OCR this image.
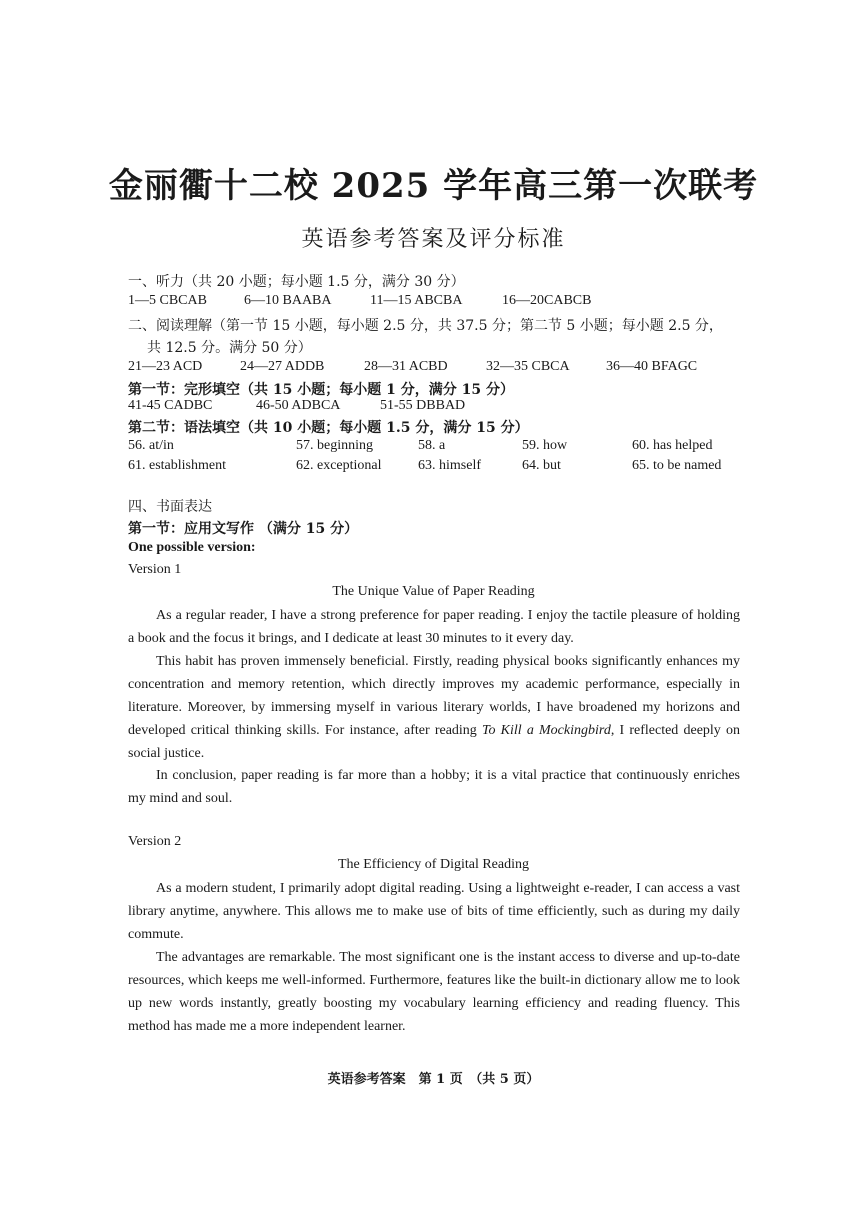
金丽衢十二校 2025 学年高三第一次联考
英语参考答案及评分标准
一、听力（共 20 小题；每小题 1.5 分，满分 30 分）
1—5 CBCAB	6—10 BAABA	11—15 ABCBA	16—20CABCB
二、阅读理解（第一节 15 小题，每小题 2.5 分，共 37.5 分；第二节 5 小题；每小题 2.5 分，
共 12.5 分。满分 50 分）
21—23 ACD	24—27 ADDB	28—31 ACBD	32—35 CBCA	36—40 BFAGC
第一节：完形填空（共 15 小题；每小题 1 分，满分 15 分）
41-45 CADBC	46-50 ADBCA	51-55 DBBAD
第二节：语法填空（共 10 小题；每小题 1.5 分，满分 15 分）
56. at/in	57. beginning	58. a	59. how	60. has helped
61. establishment	62. exceptional	63. himself	64. but	65. to be named
四、书面表达
第一节：应用文写作 （满分 15 分）
One possible version:
Version 1
The Unique Value of Paper Reading
As a regular reader, I have a strong preference for paper reading. I enjoy the tactile pleasure of holding a book and the focus it brings, and I dedicate at least 30 minutes to it every day.
This habit has proven immensely beneficial. Firstly, reading physical books significantly enhances my concentration and memory retention, which directly improves my academic performance, especially in literature. Moreover, by immersing myself in various literary worlds, I have broadened my horizons and developed critical thinking skills. For instance, after reading To Kill a Mockingbird, I reflected deeply on social justice.
In conclusion, paper reading is far more than a hobby; it is a vital practice that continuously enriches my mind and soul.
Version 2
The Efficiency of Digital Reading
As a modern student, I primarily adopt digital reading. Using a lightweight e-reader, I can access a vast library anytime, anywhere. This allows me to make use of bits of time efficiently, such as during my daily commute.
The advantages are remarkable. The most significant one is the instant access to diverse and up-to-date resources, which keeps me well-informed. Furthermore, features like the built-in dictionary allow me to look up new words instantly, greatly boosting my vocabulary learning efficiency and reading fluency. This method has made me a more independent learner.
英语参考答案　第 1 页　（共 5 页）
